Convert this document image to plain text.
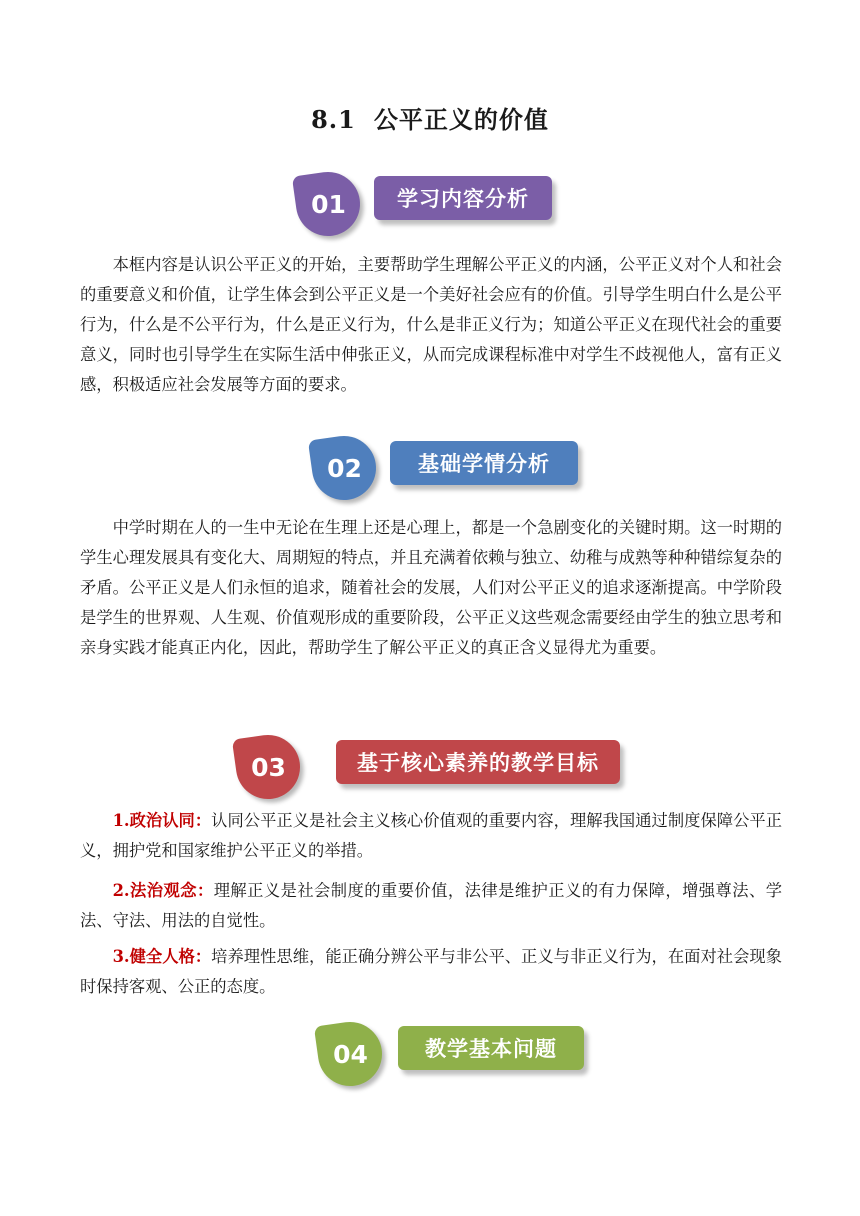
8.1 公平正义的价值
01	学习内容分析
本框内容是认识公平正义的开始，主要帮助学生理解公平正义的内涵，公平正义对个人和社会的重要意义和价值，让学生体会到公平正义是一个美好社会应有的价值。引导学生明白什么是公平行为，什么是不公平行为，什么是正义行为，什么是非正义行为；知道公平正义在现代社会的重要意义，同时也引导学生在实际生活中伸张正义，从而完成课程标准中对学生不歧视他人，富有正义感，积极适应社会发展等方面的要求。
02	基础学情分析
中学时期在人的一生中无论在生理上还是心理上，都是一个急剧变化的关键时期。这一时期的学生心理发展具有变化大、周期短的特点，并且充满着依赖与独立、幼稚与成熟等种种错综复杂的矛盾。公平正义是人们永恒的追求，随着社会的发展，人们对公平正义的追求逐渐提高。中学阶段是学生的世界观、人生观、价值观形成的重要阶段，公平正义这些观念需要经由学生的独立思考和亲身实践才能真正内化，因此，帮助学生了解公平正义的真正含义显得尤为重要。
03	基于核心素养的教学目标
1.政治认同：认同公平正义是社会主义核心价值观的重要内容，理解我国通过制度保障公平正义，拥护党和国家维护公平正义的举措。
2.法治观念：理解正义是社会制度的重要价值，法律是维护正义的有力保障，增强尊法、学法、守法、用法的自觉性。
3.健全人格：培养理性思维，能正确分辨公平与非公平、正义与非正义行为，在面对社会现象时保持客观、公正的态度。
04	教学基本问题
